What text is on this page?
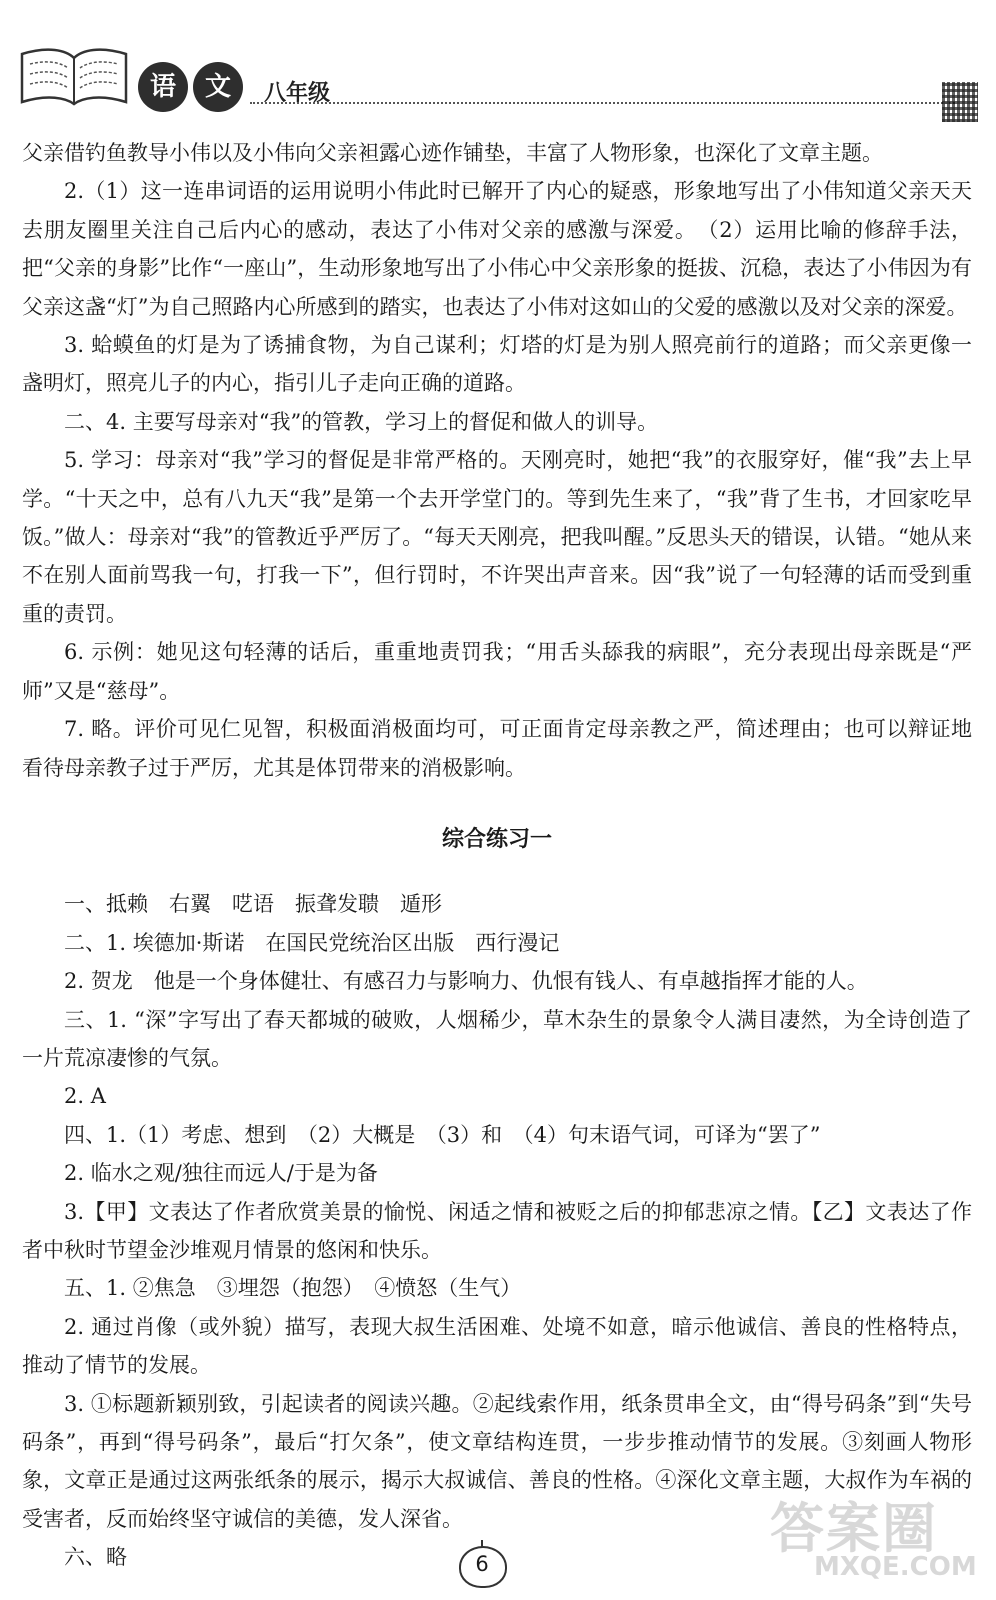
语	文	八年级

父亲借钓鱼教导小伟以及小伟向父亲袒露心迹作铺垫，丰富了人物形象，也深化了文章主题。

2.（1）这一连串词语的运用说明小伟此时已解开了内心的疑惑，形象地写出了小伟知道父亲天天去朋友圈里关注自己后内心的感动，表达了小伟对父亲的感激与深爱。　（2）运用比喻的修辞手法，把“父亲的身影”比作“一座山”，生动形象地写出了小伟心中父亲形象的挺拔、沉稳，表达了小伟因为有父亲这盏“灯”为自己照路内心所感到的踏实，也表达了小伟对这如山的父爱的感激以及对父亲的深爱。

3. 蛤蟆鱼的灯是为了诱捕食物，为自己谋利；灯塔的灯是为别人照亮前行的道路；而父亲更像一盏明灯，照亮儿子的内心，指引儿子走向正确的道路。

二、4. 主要写母亲对“我”的管教，学习上的督促和做人的训导。

5. 学习：母亲对“我”学习的督促是非常严格的。天刚亮时，她把“我”的衣服穿好，催“我”去上早学。“十天之中，总有八九天“我”是第一个去开学堂门的。等到先生来了，“我”背了生书，才回家吃早饭。”做人：母亲对“我”的管教近乎严厉了。“每天天刚亮，把我叫醒。”反思头天的错误，认错。“她从来不在别人面前骂我一句，打我一下”，但行罚时，不许哭出声音来。因“我”说了一句轻薄的话而受到重重的责罚。

6. 示例：她见这句轻薄的话后，重重地责罚我；“用舌头舔我的病眼”，充分表现出母亲既是“严师”又是“慈母”。

7. 略。评价可见仁见智，积极面消极面均可，可正面肯定母亲教之严，简述理由；也可以辩证地看待母亲教子过于严厉，尤其是体罚带来的消极影响。

综合练习一

一、抵赖　右翼　呓语　振聋发聩　遁形

二、1. 埃德加·斯诺　在国民党统治区出版　西行漫记

2. 贺龙　他是一个身体健壮、有感召力与影响力、仇恨有钱人、有卓越指挥才能的人。

三、1. “深”字写出了春天都城的破败，人烟稀少，草木杂生的景象令人满目凄然，为全诗创造了一片荒凉凄惨的气氛。

2. A

四、1.（1）考虑、想到　（2）大概是　（3）和　（4）句末语气词，可译为“罢了”

2. 临水之观/独往而远人/于是为备

3.【甲】文表达了作者欣赏美景的愉悦、闲适之情和被贬之后的抑郁悲凉之情。【乙】文表达了作者中秋时节望金沙堆观月情景的悠闲和快乐。

五、1. ②焦急　③埋怨（抱怨）　④愤怒（生气）

2. 通过肖像（或外貌）描写，表现大叔生活困难、处境不如意，暗示他诚信、善良的性格特点，推动了情节的发展。

3. ①标题新颖别致，引起读者的阅读兴趣。②起线索作用，纸条贯串全文，由“得号码条”到“失号码条”，再到“得号码条”，最后“打欠条”，使文章结构连贯，一步步推动情节的发展。③刻画人物形象，文章正是通过这两张纸条的展示，揭示大叔诚信、善良的性格。④深化文章主题，大叔作为车祸的受害者，反而始终坚守诚信的美德，发人深省。

六、略	6
答案圈
MXQE.COM
